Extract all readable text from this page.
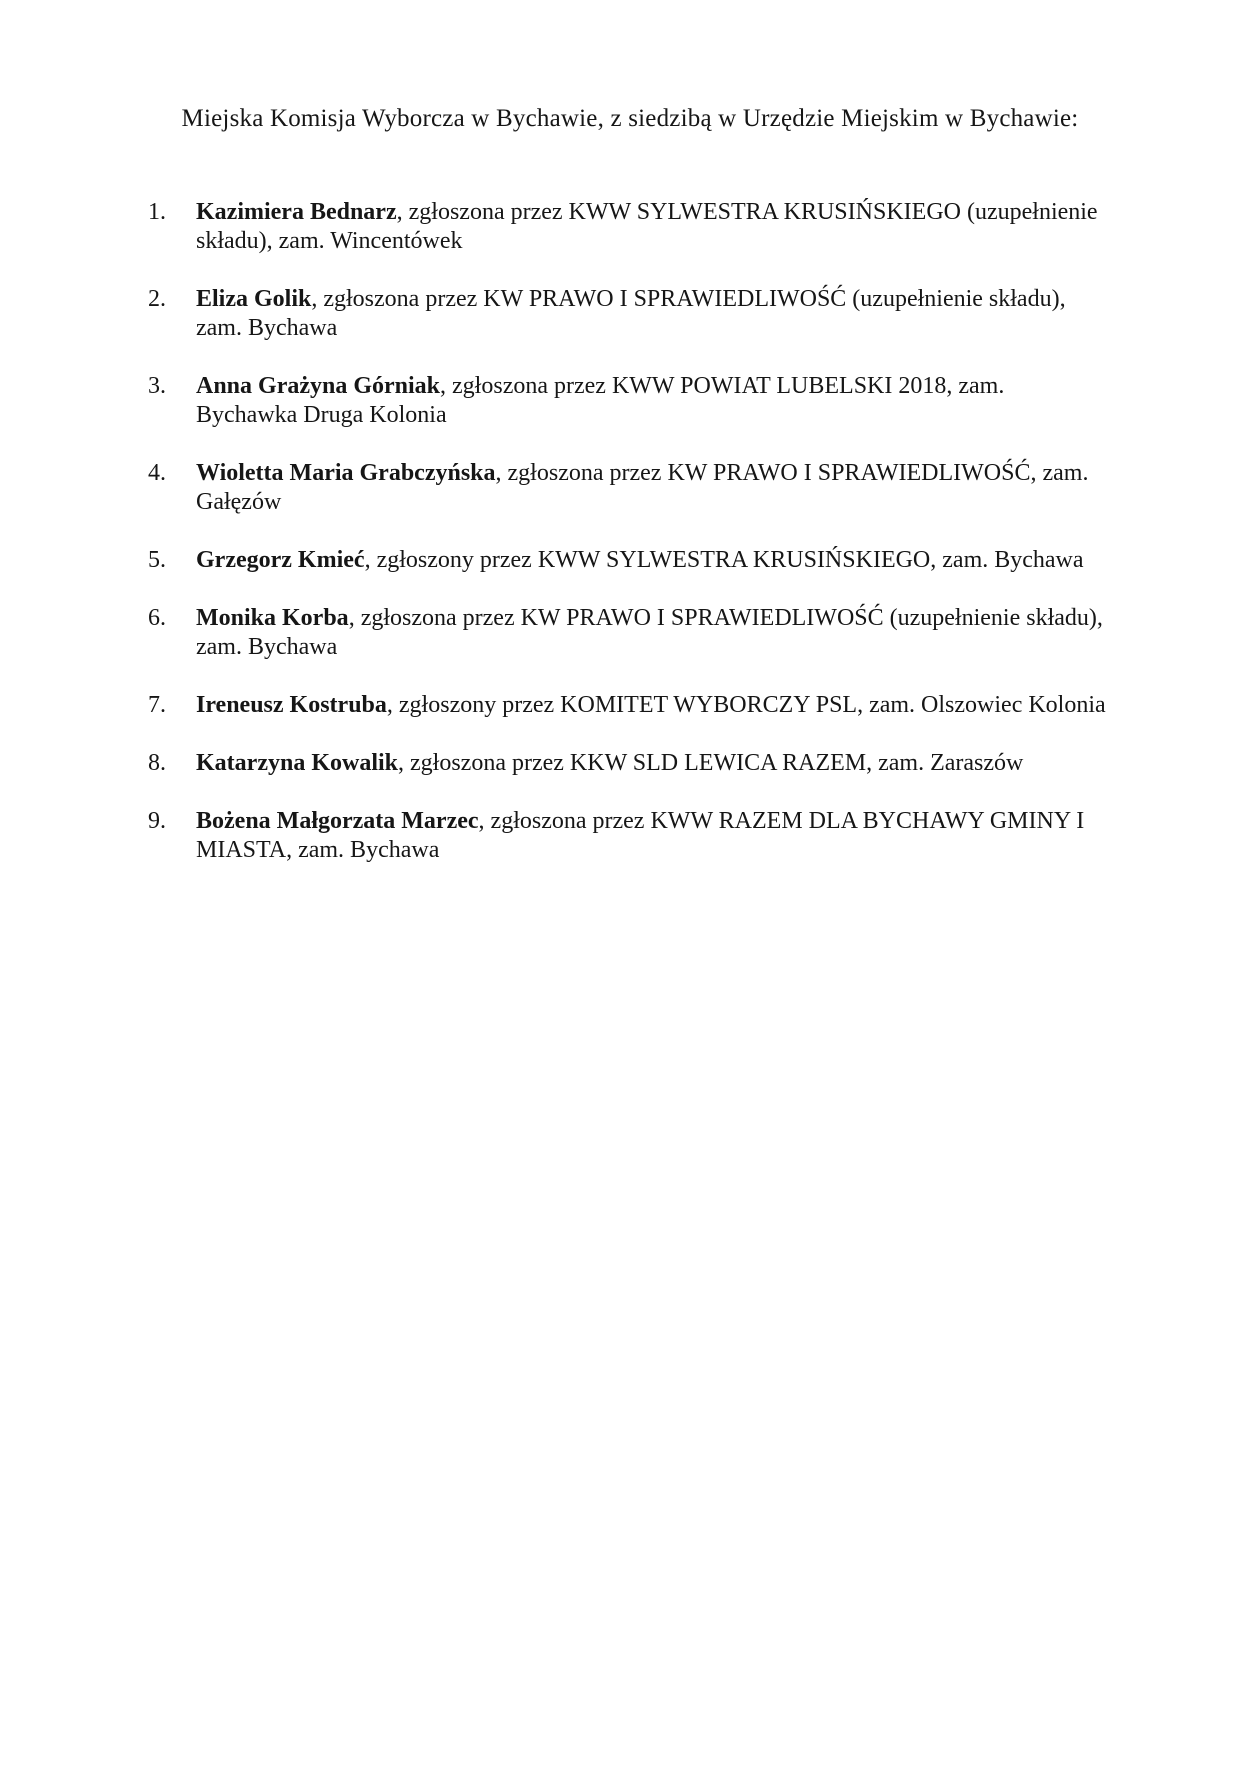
Miejska Komisja Wyborcza w Bychawie, z siedzibą w Urzędzie Miejskim w Bychawie:
1.	Kazimiera Bednarz, zgłoszona przez KWW SYLWESTRA KRUSIŃSKIEGO (uzupełnienie składu), zam. Wincentówek
2.	Eliza Golik, zgłoszona przez KW PRAWO I SPRAWIEDLIWOŚĆ (uzupełnienie składu), zam. Bychawa
3.	Anna Grażyna Górniak, zgłoszona przez KWW POWIAT LUBELSKI 2018, zam. Bychawka Druga Kolonia
4.	Wioletta Maria Grabczyńska, zgłoszona przez KW PRAWO I SPRAWIEDLIWOŚĆ, zam. Gałęzów
5.	Grzegorz Kmieć, zgłoszony przez KWW SYLWESTRA KRUSIŃSKIEGO, zam. Bychawa
6.	Monika Korba, zgłoszona przez KW PRAWO I SPRAWIEDLIWOŚĆ (uzupełnienie składu), zam. Bychawa
7.	Ireneusz Kostruba, zgłoszony przez KOMITET WYBORCZY PSL, zam. Olszowiec Kolonia
8.	Katarzyna Kowalik, zgłoszona przez KKW SLD LEWICA RAZEM, zam. Zaraszów
9.	Bożena Małgorzata Marzec, zgłoszona przez KWW RAZEM DLA BYCHAWY GMINY I MIASTA, zam. Bychawa
